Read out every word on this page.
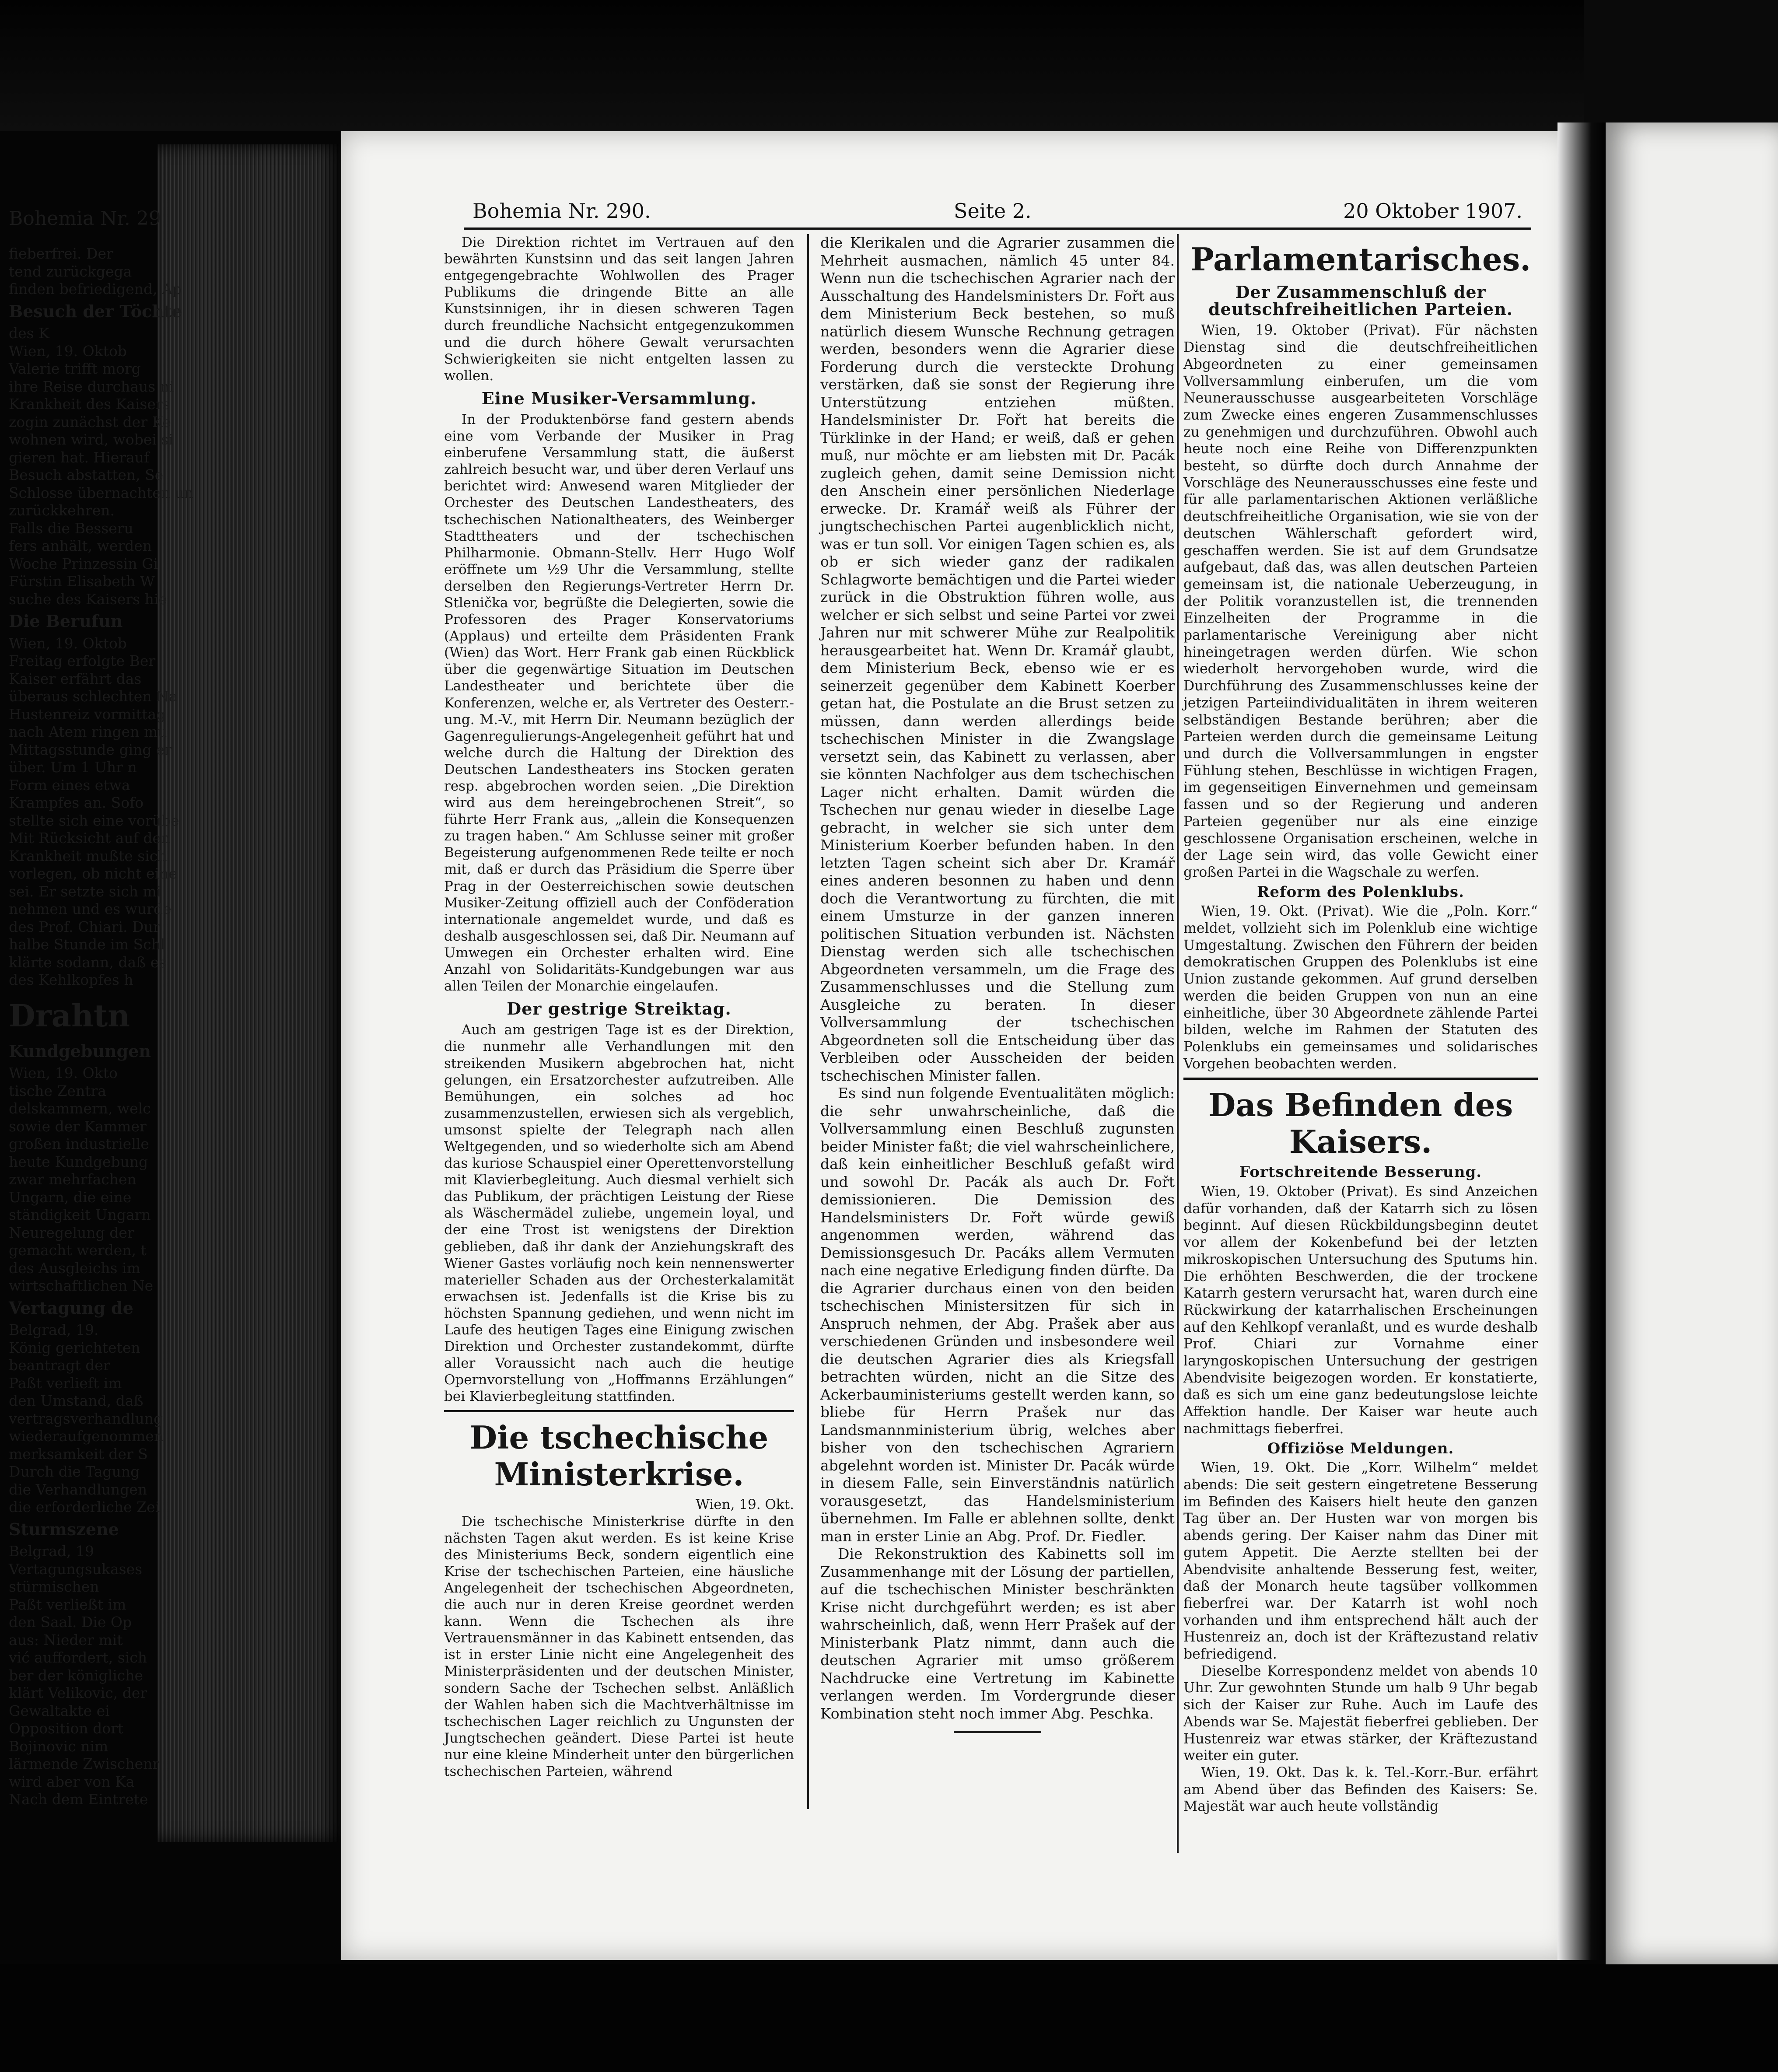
Bohemia Nr. 290.	Seite 2.	20 Oktober 1907.

Die Direktion richtet im Vertrauen auf den bewährten Kunstsinn und das seit langen Jahren entgegengebrachte Wohlwollen des Prager Publikums die dringende Bitte an alle Kunstsinnigen, ihr in diesen schweren Tagen durch freundliche Nachsicht entgegenzukommen und die durch höhere Gewalt verursachten Schwierigkeiten sie nicht entgelten lassen zu wollen.

Eine Musiker-Versammlung.

In der Produktenbörse fand gestern abends eine vom Verbande der Musiker in Prag einberufene Versammlung statt, die äußerst zahlreich besucht war, und über deren Verlauf uns berichtet wird: Anwesend waren Mitglieder der Orchester des Deutschen Landestheaters, des tschechischen Nationaltheaters, des Weinberger Stadttheaters und der tschechischen Philharmonie. Obmann-Stellv. Herr Hugo Wolf eröffnete um ½9 Uhr die Versammlung, stellte derselben den Regierungs-Vertreter Herrn Dr. Stlenička vor, begrüßte die Delegierten, sowie die Professoren des Prager Konservatoriums (Applaus) und erteilte dem Präsidenten Frank (Wien) das Wort. Herr Frank gab einen Rückblick über die gegenwärtige Situation im Deutschen Landestheater und berichtete über die Konferenzen, welche er, als Vertreter des Oesterr.-ung. M.-V., mit Herrn Dir. Neumann bezüglich der Gagenregulierungs-Angelegenheit geführt hat und welche durch die Haltung der Direktion des Deutschen Landestheaters ins Stocken geraten resp. abgebrochen worden seien. „Die Direktion wird aus dem hereingebrochenen Streit“, so führte Herr Frank aus, „allein die Konsequenzen zu tragen haben.“ Am Schlusse seiner mit großer Begeisterung aufgenommenen Rede teilte er noch mit, daß er durch das Präsidium die Sperre über Prag in der Oesterreichischen sowie deutschen Musiker-Zeitung offiziell auch der Conföderation internationale angemeldet wurde, und daß es deshalb ausgeschlossen sei, daß Dir. Neumann auf Umwegen ein Orchester erhalten wird. Eine Anzahl von Solidaritäts-Kundgebungen war aus allen Teilen der Monarchie eingelaufen.

Der gestrige Streiktag.

Auch am gestrigen Tage ist es der Direktion, die nunmehr alle Verhandlungen mit den streikenden Musikern abgebrochen hat, nicht gelungen, ein Ersatzorchester aufzutreiben. Alle Bemühungen, ein solches ad hoc zusammenzustellen, erwiesen sich als vergeblich, umsonst spielte der Telegraph nach allen Weltgegenden, und so wiederholte sich am Abend das kuriose Schauspiel einer Operettenvorstellung mit Klavierbegleitung. Auch diesmal verhielt sich das Publikum, der prächtigen Leistung der Riese als Wäschermädel zuliebe, ungemein loyal, und der eine Trost ist wenigstens der Direktion geblieben, daß ihr dank der Anziehungskraft des Wiener Gastes vorläufig noch kein nennenswerter materieller Schaden aus der Orchesterkalamität erwachsen ist. Jedenfalls ist die Krise bis zu höchsten Spannung gediehen, und wenn nicht im Laufe des heutigen Tages eine Einigung zwischen Direktion und Orchester zustandekommt, dürfte aller Voraussicht nach auch die heutige Opernvorstellung von „Hoffmanns Erzählungen“ bei Klavierbegleitung stattfinden.

Die tschechische Ministerkrise.

Wien, 19. Okt.

Die tschechische Ministerkrise dürfte in den nächsten Tagen akut werden. Es ist keine Krise des Ministeriums Beck, sondern eigentlich eine Krise der tschechischen Parteien, eine häusliche Angelegenheit der tschechischen Abgeordneten, die auch nur in deren Kreise geordnet werden kann. Wenn die Tschechen als ihre Vertrauensmänner in das Kabinett entsenden, das ist in erster Linie nicht eine Angelegenheit des Ministerpräsidenten und der deutschen Minister, sondern Sache der Tschechen selbst. Anläßlich der Wahlen haben sich die Machtverhältnisse im tschechischen Lager reichlich zu Ungunsten der Jungtschechen geändert. Diese Partei ist heute nur eine kleine Minderheit unter den bürgerlichen tschechischen Parteien, während

die Klerikalen und die Agrarier zusammen die Mehrheit ausmachen, nämlich 45 unter 84. Wenn nun die tschechischen Agrarier nach der Ausschaltung des Handelsministers Dr. Fořt aus dem Ministerium Beck bestehen, so muß natürlich diesem Wunsche Rechnung getragen werden, besonders wenn die Agrarier diese Forderung durch die versteckte Drohung verstärken, daß sie sonst der Regierung ihre Unterstützung entziehen müßten. Handelsminister Dr. Fořt hat bereits die Türklinke in der Hand; er weiß, daß er gehen muß, nur möchte er am liebsten mit Dr. Pacák zugleich gehen, damit seine Demission nicht den Anschein einer persönlichen Niederlage erwecke. Dr. Kramář weiß als Führer der jungtschechischen Partei augenblicklich nicht, was er tun soll. Vor einigen Tagen schien es, als ob er sich wieder ganz der radikalen Schlagworte bemächtigen und die Partei wieder zurück in die Obstruktion führen wolle, aus welcher er sich selbst und seine Partei vor zwei Jahren nur mit schwerer Mühe zur Realpolitik herausgearbeitet hat. Wenn Dr. Kramář glaubt, dem Ministerium Beck, ebenso wie er es seinerzeit gegenüber dem Kabinett Koerber getan hat, die Postulate an die Brust setzen zu müssen, dann werden allerdings beide tschechischen Minister in die Zwangslage versetzt sein, das Kabinett zu verlassen, aber sie könnten Nachfolger aus dem tschechischen Lager nicht erhalten. Damit würden die Tschechen nur genau wieder in dieselbe Lage gebracht, in welcher sie sich unter dem Ministerium Koerber befunden haben. In den letzten Tagen scheint sich aber Dr. Kramář eines anderen besonnen zu haben und denn doch die Verantwortung zu fürchten, die mit einem Umsturze in der ganzen inneren politischen Situation verbunden ist. Nächsten Dienstag werden sich alle tschechischen Abgeordneten versammeln, um die Frage des Zusammenschlusses und die Stellung zum Ausgleiche zu beraten. In dieser Vollversammlung der tschechischen Abgeordneten soll die Entscheidung über das Verbleiben oder Ausscheiden der beiden tschechischen Minister fallen.

Es sind nun folgende Eventualitäten möglich: die sehr unwahrscheinliche, daß die Vollversammlung einen Beschluß zugunsten beider Minister faßt; die viel wahrscheinlichere, daß kein einheitlicher Beschluß gefaßt wird und sowohl Dr. Pacák als auch Dr. Fořt demissionieren. Die Demission des Handelsministers Dr. Fořt würde gewiß angenommen werden, während das Demissionsgesuch Dr. Pacáks allem Vermuten nach eine negative Erledigung finden dürfte. Da die Agrarier durchaus einen von den beiden tschechischen Ministersitzen für sich in Anspruch nehmen, der Abg. Prašek aber aus verschiedenen Gründen und insbesondere weil die deutschen Agrarier dies als Kriegsfall betrachten würden, nicht an die Sitze des Ackerbauministeriums gestellt werden kann, so bliebe für Herrn Prašek nur das Landsmannministerium übrig, welches aber bisher von den tschechischen Agrariern abgelehnt worden ist. Minister Dr. Pacák würde in diesem Falle, sein Einverständnis natürlich vorausgesetzt, das Handelsministerium übernehmen. Im Falle er ablehnen sollte, denkt man in erster Linie an Abg. Prof. Dr. Fiedler.

Die Rekonstruktion des Kabinetts soll im Zusammenhange mit der Lösung der partiellen, auf die tschechischen Minister beschränkten Krise nicht durchgeführt werden; es ist aber wahrscheinlich, daß, wenn Herr Prašek auf der Ministerbank Platz nimmt, dann auch die deutschen Agrarier mit umso größerem Nachdrucke eine Vertretung im Kabinette verlangen werden. Im Vordergrunde dieser Kombination steht noch immer Abg. Peschka.

Parlamentarisches.
Der Zusammenschluß der deutschfreiheitlichen Parteien.

Wien, 19. Oktober (Privat). Für nächsten Dienstag sind die deutschfreiheitlichen Abgeordneten zu einer gemeinsamen Vollversammlung einberufen, um die vom Neunerausschusse ausgearbeiteten Vorschläge zum Zwecke eines engeren Zusammenschlusses zu genehmigen und durchzuführen. Obwohl auch heute noch eine Reihe von Differenzpunkten besteht, so dürfte doch durch Annahme der Vorschläge des Neunerausschusses eine feste und für alle parlamentarischen Aktionen verläßliche deutschfreiheitliche Organisation, wie sie von der deutschen Wählerschaft gefordert wird, geschaffen werden. Sie ist auf dem Grundsatze aufgebaut, daß das, was allen deutschen Parteien gemeinsam ist, die nationale Ueberzeugung, in der Politik voranzustellen ist, die trennenden Einzelheiten der Programme in die parlamentarische Vereinigung aber nicht hineingetragen werden dürfen. Wie schon wiederholt hervorgehoben wurde, wird die Durchführung des Zusammenschlusses keine der jetzigen Parteiindividualitäten in ihrem weiteren selbständigen Bestande berühren; aber die Parteien werden durch die gemeinsame Leitung und durch die Vollversammlungen in engster Fühlung stehen, Beschlüsse in wichtigen Fragen, im gegenseitigen Einvernehmen und gemeinsam fassen und so der Regierung und anderen Parteien gegenüber nur als eine einzige geschlossene Organisation erscheinen, welche in der Lage sein wird, das volle Gewicht einer großen Partei in die Wagschale zu werfen.

Reform des Polenklubs.

Wien, 19. Okt. (Privat). Wie die „Poln. Korr.“ meldet, vollzieht sich im Polenklub eine wichtige Umgestaltung. Zwischen den Führern der beiden demokratischen Gruppen des Polenklubs ist eine Union zustande gekommen. Auf grund derselben werden die beiden Gruppen von nun an eine einheitliche, über 30 Abgeordnete zählende Partei bilden, welche im Rahmen der Statuten des Polenklubs ein gemeinsames und solidarisches Vorgehen beobachten werden.

Das Befinden des Kaisers.
Fortschreitende Besserung.

Wien, 19. Oktober (Privat). Es sind Anzeichen dafür vorhanden, daß der Katarrh sich zu lösen beginnt. Auf diesen Rückbildungsbeginn deutet vor allem der Kokenbefund bei der letzten mikroskopischen Untersuchung des Sputums hin. Die erhöhten Beschwerden, die der trockene Katarrh gestern verursacht hat, waren durch eine Rückwirkung der katarrhalischen Erscheinungen auf den Kehlkopf veranlaßt, und es wurde deshalb Prof. Chiari zur Vornahme einer laryngoskopischen Untersuchung der gestrigen Abendvisite beigezogen worden. Er konstatierte, daß es sich um eine ganz bedeutungslose leichte Affektion handle. Der Kaiser war heute auch nachmittags fieberfrei.

Offiziöse Meldungen.

Wien, 19. Okt. Die „Korr. Wilhelm“ meldet abends: Die seit gestern eingetretene Besserung im Befinden des Kaisers hielt heute den ganzen Tag über an. Der Husten war von morgen bis abends gering. Der Kaiser nahm das Diner mit gutem Appetit. Die Aerzte stellten bei der Abendvisite anhaltende Besserung fest, weiter, daß der Monarch heute tagsüber vollkommen fieberfrei war. Der Katarrh ist wohl noch vorhanden und ihm entsprechend hält auch der Hustenreiz an, doch ist der Kräftezustand relativ befriedigend.

Dieselbe Korrespondenz meldet von abends 10 Uhr. Zur gewohnten Stunde um halb 9 Uhr begab sich der Kaiser zur Ruhe. Auch im Laufe des Abends war Se. Majestät fieberfrei geblieben. Der Hustenreiz war etwas stärker, der Kräftezustand weiter ein guter.

Wien, 19. Okt. Das k. k. Tel.-Korr.-Bur. erfährt am Abend über das Befinden des Kaisers: Se. Majestät war auch heute vollständig

Bohemia Nr. 29
fieberfrei. Der
tend zurückgega
finden befriedigend, Ap
Besuch der Töchte
des K
Wien, 19. Oktob
Valerie trifft morg
ihre Reise durchaus ni
Krankheit des Kaisers
zogin zunächst der Ke
wohnen wird, wobei si
gieren hat. Hierauf
Besuch abstatten, Se
Schlosse übernachten un
zurückkehren.
Falls die Besseru
fers anhält, werden
Woche Prinzessin Gi
Fürstin Elisabeth W
suche des Kaisers hie
Die Berufun
Wien, 19. Oktob
Freitag erfolgte Ber
Kaiser erfährt das
überaus schlechten Na
Hustenreiz vormittag
nach Atem ringen mu
Mittagsstunde ging er
über. Um 1 Uhr n
Form eines etwa
Krampfes an. Sofo
stellte sich eine vorübe
Mit Rücksicht auf den
Krankheit mußte sich
vorlegen, ob nicht eine
sei. Er setzte sich mi
nehmen und es wurde
des Prof. Chiari. Dur
halbe Stunde im Schl
klärte sodann, daß es
des Kehlkopfes h
Drahtn
Kundgebungen
Wien, 19. Okto
tische Zentra
delskammern, welc
sowie der Kammer
großen industrielle
heute Kundgebung
zwar mehrfachen
Ungarn, die eine
ständigkeit Ungarn
Neuregelung der
gemacht werden, t
des Ausgleichs im
wirtschaftlichen Ne
Vertagung de
Belgrad, 19.
König gerichteten
beantragt der
Paßt verlieft im
den Umstand, daß
vertragsverhandlung
wiederaufgenommen
merksamkeit der S
Durch die Tagung
die Verhandlungen
die erforderliche Zei
Sturmszene
Belgrad, 19
Vertagungsukases
stürmischen
Paßt verließt im
den Saal. Die Op
aus: Nieder mit
vić auffordert, sich
ber der königliche
klärt Velikovic, der
Gewaltakte ei
Opposition dort
Bojinovic nim
lärmende Zwischenr
wird aber von Ka
Nach dem Eintrete
